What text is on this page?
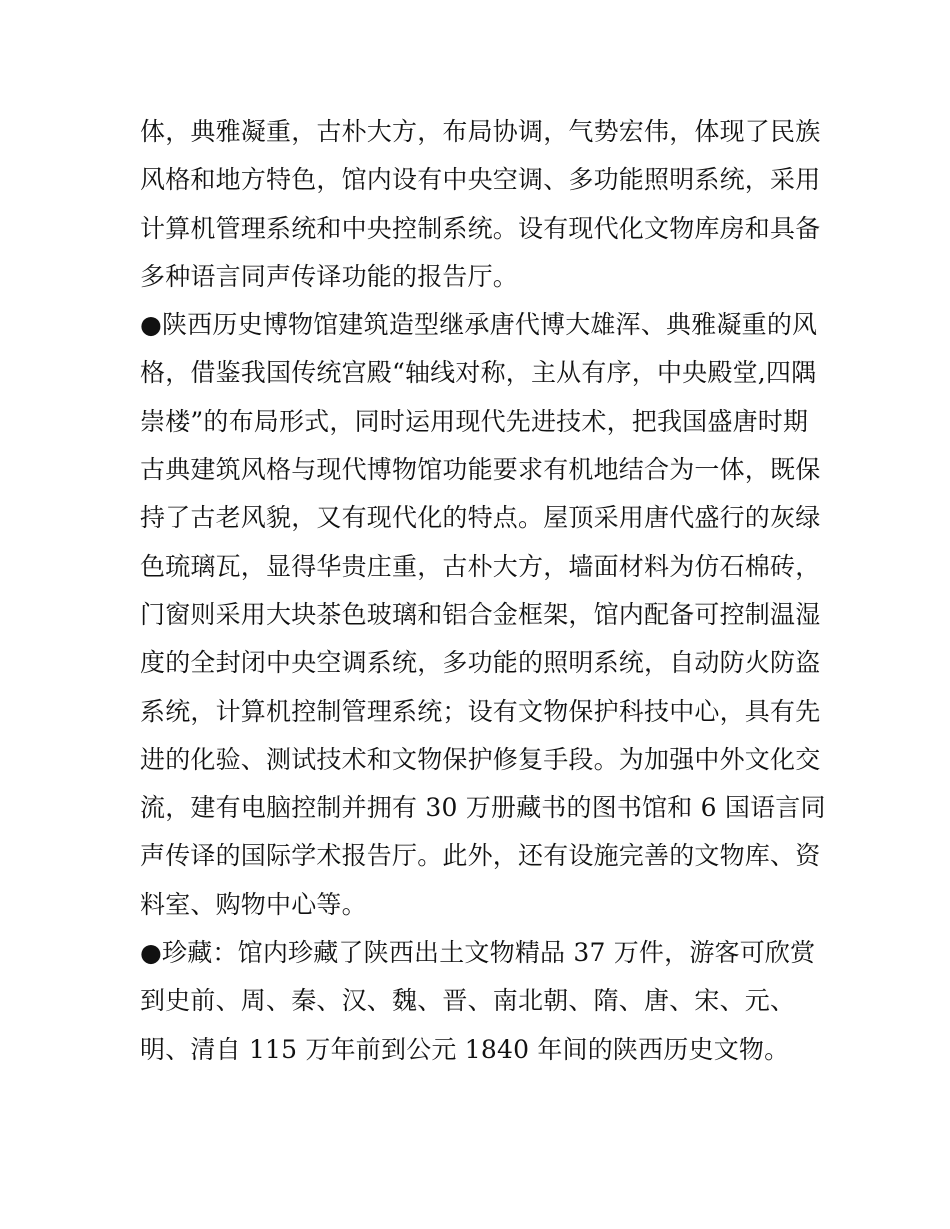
体，典雅凝重，古朴大方，布局协调，气势宏伟，体现了民族
风格和地方特色，馆内设有中央空调、多功能照明系统，采用
计算机管理系统和中央控制系统。设有现代化文物库房和具备
多种语言同声传译功能的报告厅。
●陕西历史博物馆建筑造型继承唐代博大雄浑、典雅凝重的风
格，借鉴我国传统宫殿“轴线对称，主从有序，中央殿堂,四隅
崇楼”的布局形式，同时运用现代先进技术，把我国盛唐时期
古典建筑风格与现代博物馆功能要求有机地结合为一体，既保
持了古老风貌，又有现代化的特点。屋顶采用唐代盛行的灰绿
色琉璃瓦，显得华贵庄重，古朴大方，墙面材料为仿石棉砖，
门窗则采用大块茶色玻璃和铝合金框架，馆内配备可控制温湿
度的全封闭中央空调系统，多功能的照明系统，自动防火防盗
系统，计算机控制管理系统；设有文物保护科技中心，具有先
进的化验、测试技术和文物保护修复手段。为加强中外文化交
流，建有电脑控制并拥有 30 万册藏书的图书馆和 6 国语言同
声传译的国际学术报告厅。此外，还有设施完善的文物库、资
料室、购物中心等。
●珍藏：馆内珍藏了陕西出土文物精品 37 万件，游客可欣赏
到史前、周、秦、汉、魏、晋、南北朝、隋、唐、宋、元、
明、清自 115 万年前到公元 1840 年间的陕西历史文物。
